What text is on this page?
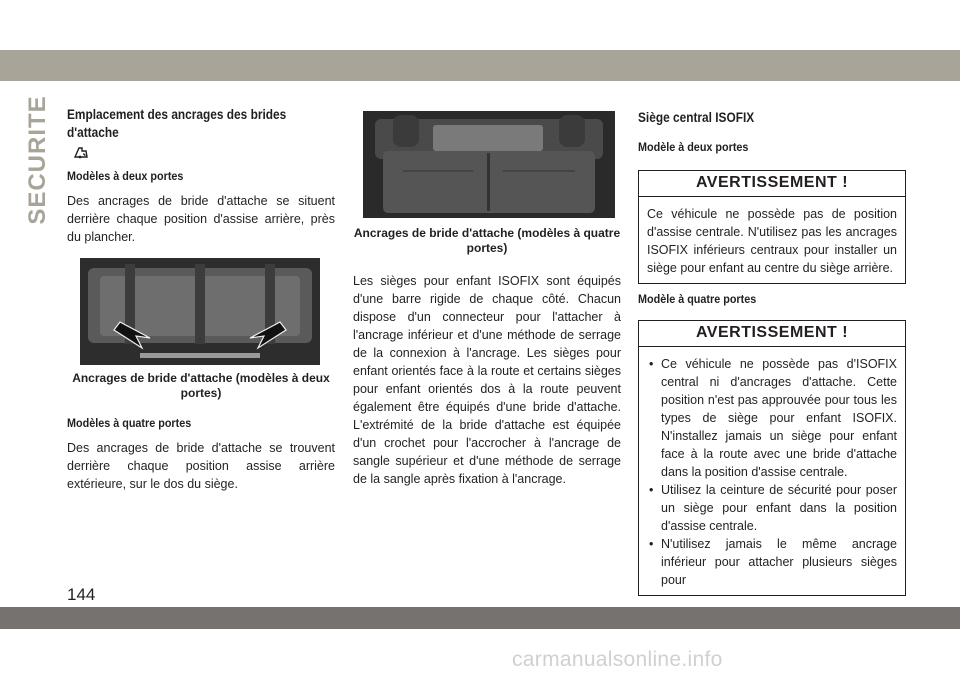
SECURITE Emplacement des ancrages des brides d'attache

Modèles à deux portes

Des ancrages de bride d'attache se situent derrière chaque position d'assise arrière, près du plancher.

Ancrages de bride d'attache (modèles à deux portes)

Modèles à quatre portes

Des ancrages de bride d'attache se trouvent derrière chaque position assise arrière extérieure, sur le dos du siège.

Ancrages de bride d'attache (modèles à quatre portes)

Les sièges pour enfant ISOFIX sont équipés d'une barre rigide de chaque côté. Chacun dispose d'un connecteur pour l'attacher à l'ancrage inférieur et d'une méthode de serrage de la connexion à l'ancrage. Les sièges pour enfant orientés face à la route et certains sièges pour enfant orientés dos à la route peuvent également être équipés d'une bride d'attache. L'extrémité de la bride d'attache est équipée d'un crochet pour l'accrocher à l'ancrage de sangle supérieur et d'une méthode de serrage de la sangle après fixation à l'ancrage.

Siège central ISOFIX

Modèle à deux portes

AVERTISSEMENT !

Ce véhicule ne possède pas de position d'assise centrale. N'utilisez pas les ancrages ISOFIX inférieurs centraux pour installer un siège pour enfant au centre du siège arrière.

Modèle à quatre portes

AVERTISSEMENT !

• Ce véhicule ne possède pas d'ISOFIX central ni d'ancrages d'attache. Cette position n'est pas approuvée pour tous les types de siège pour enfant ISOFIX. N'installez jamais un siège pour enfant face à la route avec une bride d'attache dans la position d'assise centrale.

• Utilisez la ceinture de sécurité pour poser un siège pour enfant dans la position d'assise centrale.

• N'utilisez jamais le même ancrage inférieur pour attacher plusieurs sièges pour

144
carmanualsonline.info
